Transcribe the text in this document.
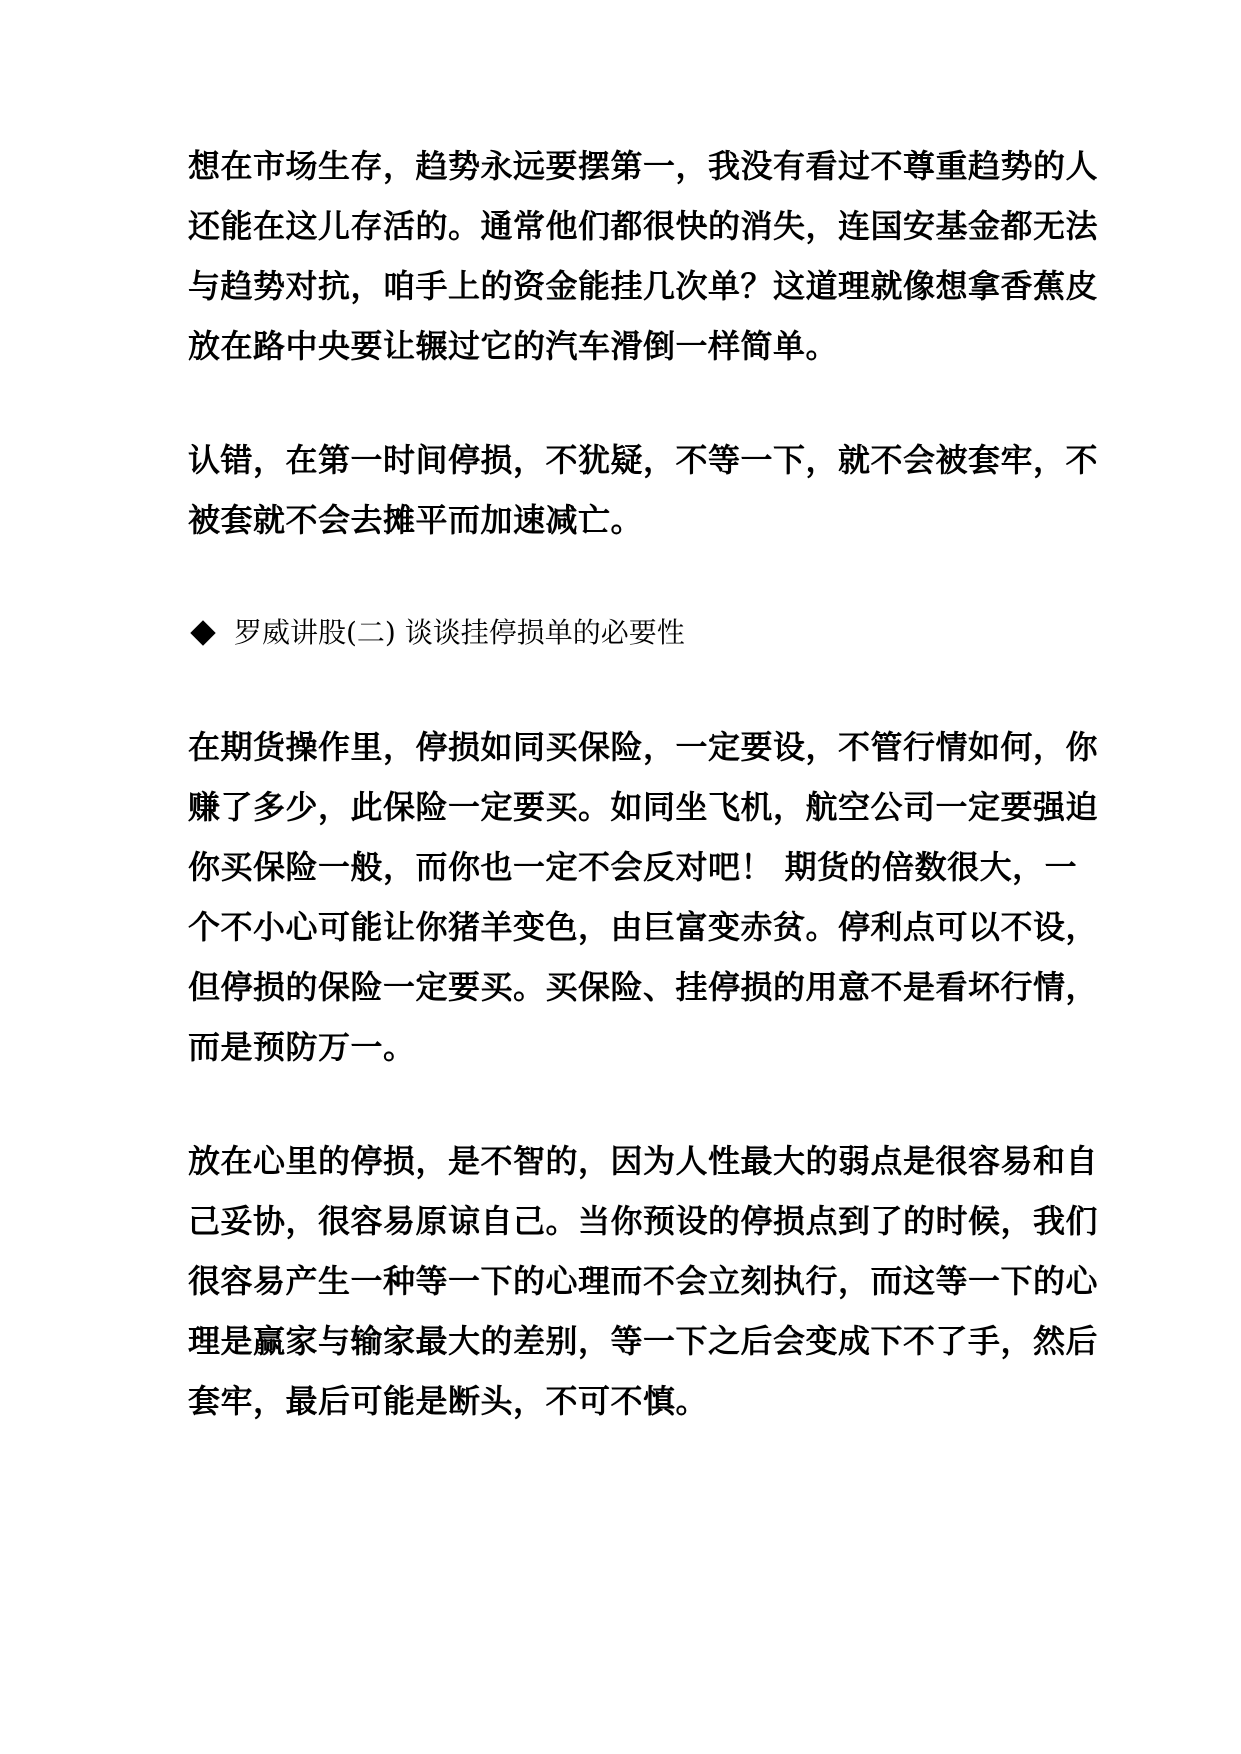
想在市场生存，趋势永远要摆第一，我没有看过不尊重趋势的人
还能在这儿存活的。通常他们都很快的消失，连国安基金都无法
与趋势对抗，咱手上的资金能挂几次单？这道理就像想拿香蕉皮
放在路中央要让辗过它的汽车滑倒一样简单。
认错，在第一时间停损，不犹疑，不等一下，就不会被套牢，不
被套就不会去摊平而加速减亡。
罗威讲股(二) 谈谈挂停损单的必要性
在期货操作里，停损如同买保险，一定要设，不管行情如何，你
赚了多少，此保险一定要买。如同坐飞机，航空公司一定要强迫
你买保险一般，而你也一定不会反对吧！ 期货的倍数很大，一
个不小心可能让你猪羊变色，由巨富变赤贫。停利点可以不设，
但停损的保险一定要买。买保险、挂停损的用意不是看坏行情，
而是预防万一。
放在心里的停损，是不智的，因为人性最大的弱点是很容易和自
己妥协，很容易原谅自己。当你预设的停损点到了的时候，我们
很容易产生一种等一下的心理而不会立刻执行，而这等一下的心
理是赢家与输家最大的差别，等一下之后会变成下不了手，然后
套牢，最后可能是断头，不可不慎。
